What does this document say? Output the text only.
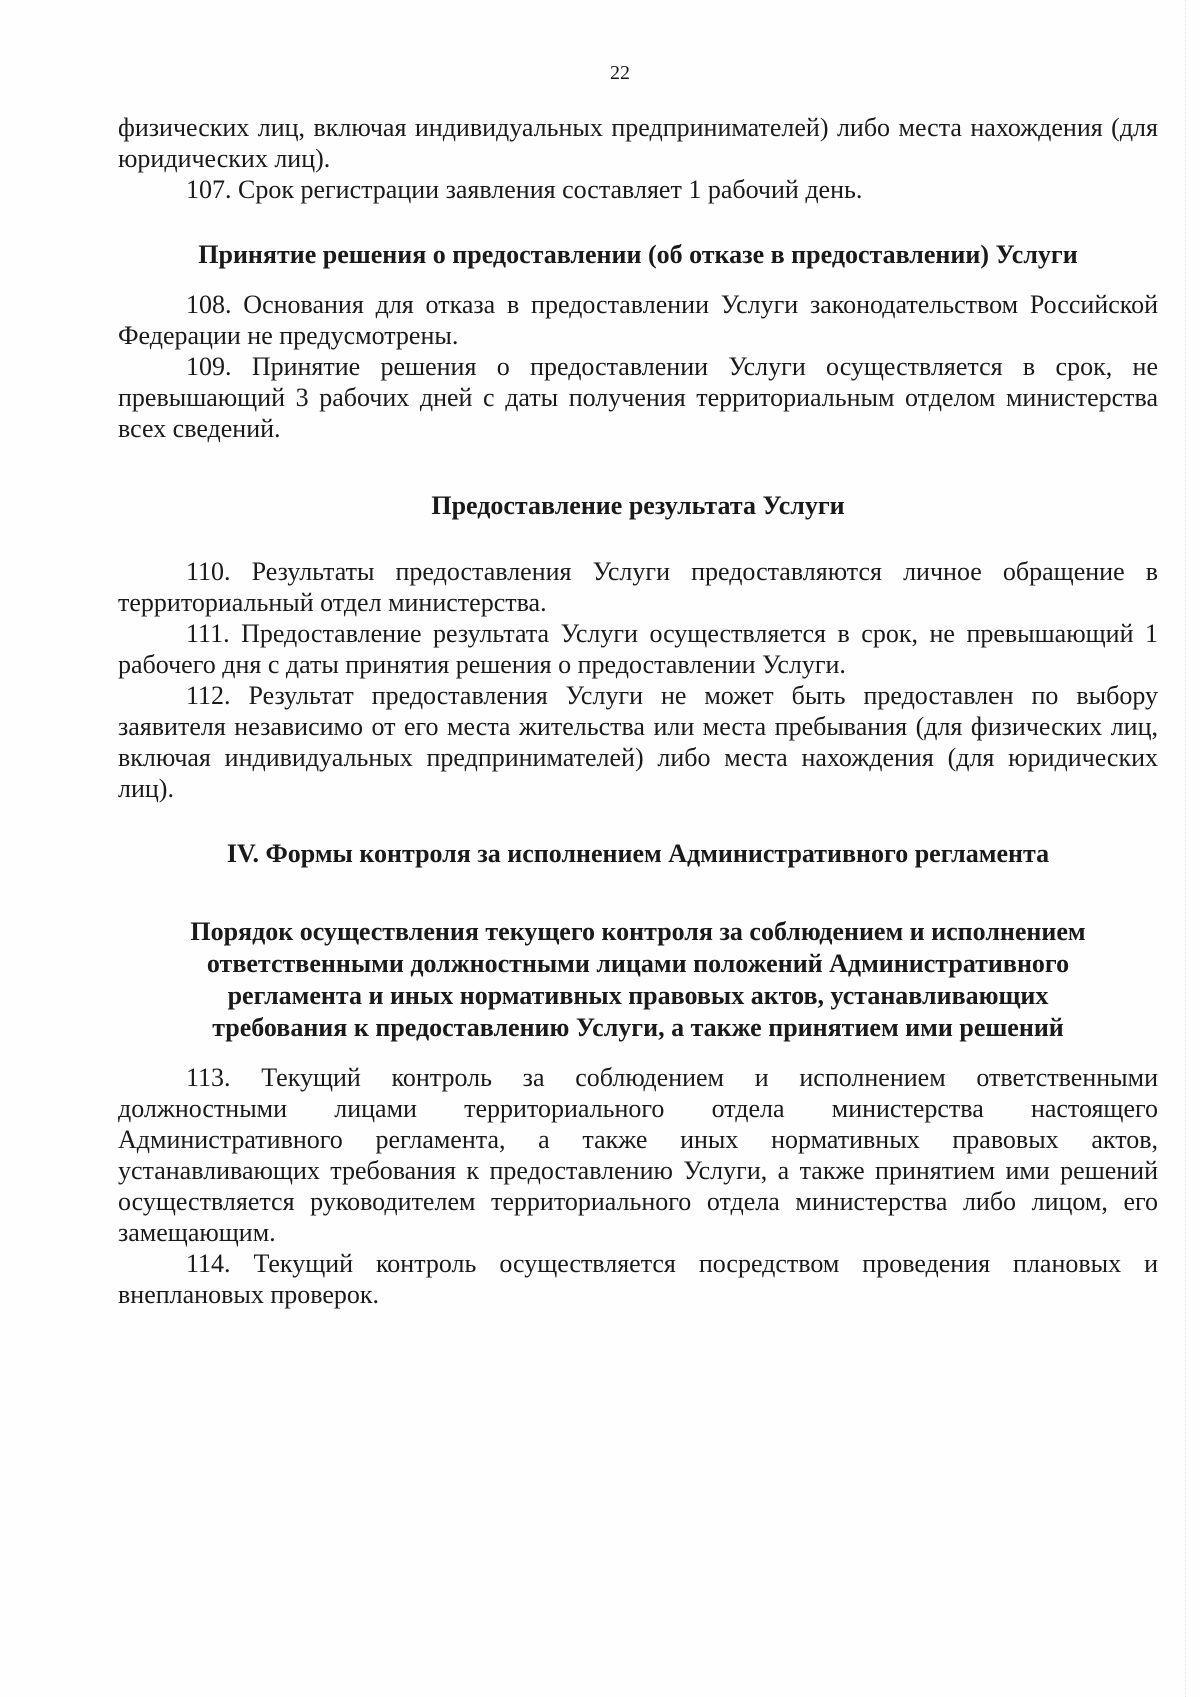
22

физических лиц, включая индивидуальных предпринимателей) либо места нахождения (для юридических лиц).

107. Срок регистрации заявления составляет 1 рабочий день.

Принятие решения о предоставлении (об отказе в предоставлении) Услуги

108. Основания для отказа в предоставлении Услуги законодательством Российской Федерации не предусмотрены.

109. Принятие решения о предоставлении Услуги осуществляется в срок, не превышающий 3 рабочих дней с даты получения территориальным отделом министерства всех сведений.

Предоставление результата Услуги

110. Результаты предоставления Услуги предоставляются личное обращение в территориальный отдел министерства.

111. Предоставление результата Услуги осуществляется в срок, не превышающий 1 рабочего дня с даты принятия решения о предоставлении Услуги.

112. Результат предоставления Услуги не может быть предоставлен по выбору заявителя независимо от его места жительства или места пребывания (для физических лиц, включая индивидуальных предпринимателей) либо места нахождения (для юридических лиц).

IV. Формы контроля за исполнением Административного регламента

Порядок осуществления текущего контроля за соблюдением и исполнением

ответственными должностными лицами положений Административного

регламента и иных нормативных правовых актов, устанавливающих

требования к предоставлению Услуги, а также принятием ими решений

113. Текущий контроль за соблюдением и исполнением ответственными должностными лицами территориального отдела министерства настоящего Административного регламента, а также иных нормативных правовых актов, устанавливающих требования к предоставлению Услуги, а также принятием ими решений осуществляется руководителем территориального отдела министерства либо лицом, его замещающим.

114. Текущий контроль осуществляется посредством проведения плановых и внеплановых проверок.
